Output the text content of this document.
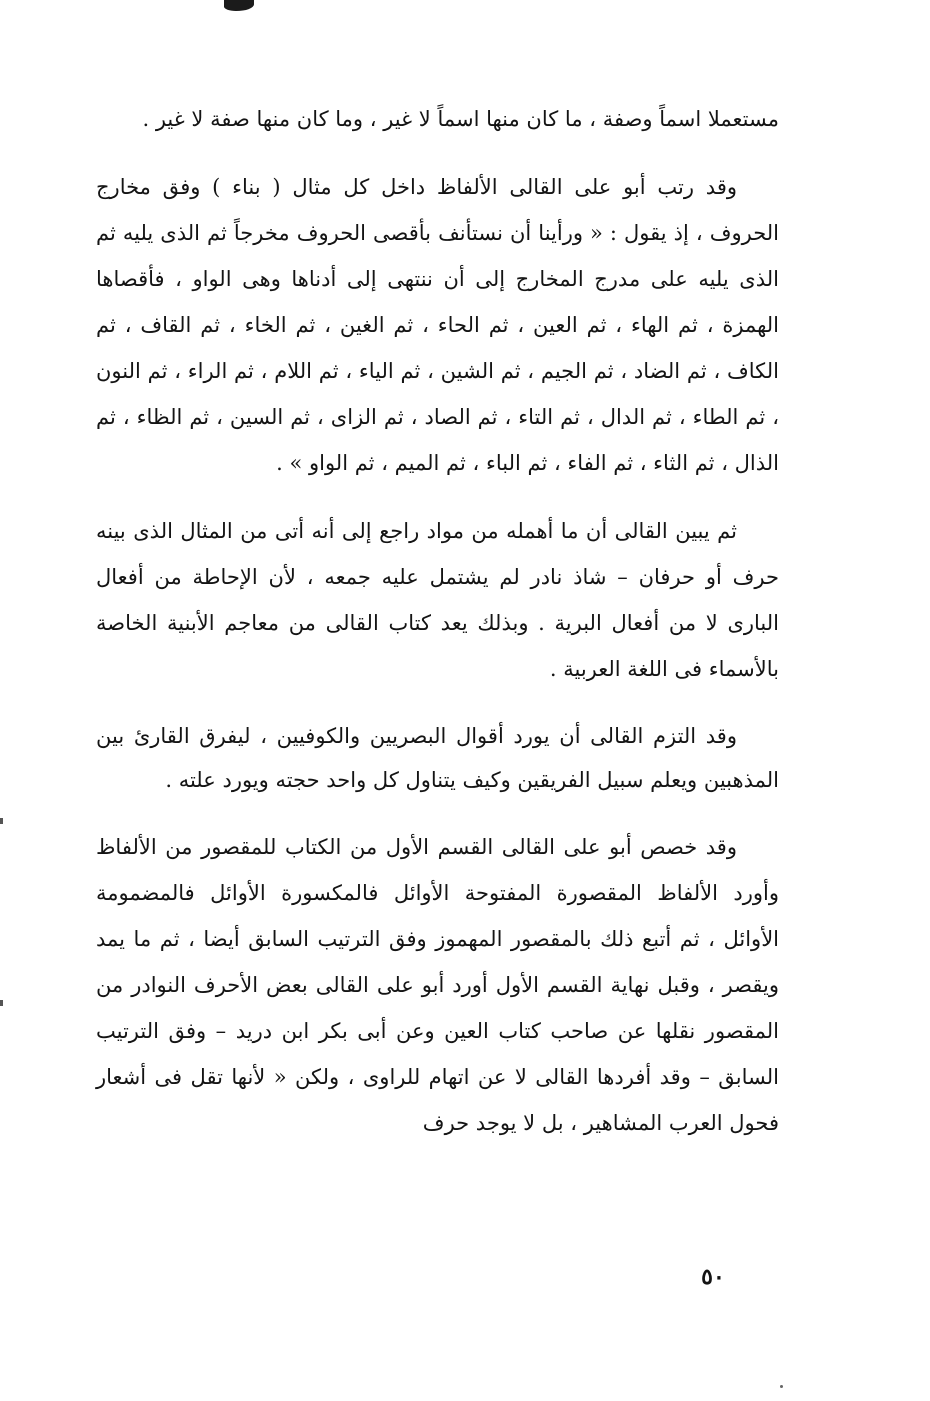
مستعملا اسماً وصفة ، ما كان منها اسماً لا غير ، وما كان منها صفة لا غير .

وقد رتب أبو على القالى الألفاظ داخل كل مثال ( بناء ) وفق مخارج الحروف ، إذ يقول : « ورأينا أن نستأنف بأقصى الحروف مخرجاً ثم الذى يليه ثم الذى يليه على مدرج المخارج إلى أن ننتهى إلى أدناها وهى الواو ، فأقصاها الهمزة ، ثم الهاء ، ثم العين ، ثم الحاء ، ثم الغين ، ثم الخاء ، ثم القاف ، ثم الكاف ، ثم الضاد ، ثم الجيم ، ثم الشين ، ثم الياء ، ثم اللام ، ثم الراء ، ثم النون ، ثم الطاء ، ثم الدال ، ثم التاء ، ثم الصاد ، ثم الزاى ، ثم السين ، ثم الظاء ، ثم الذال ، ثم الثاء ، ثم الفاء ، ثم الباء ، ثم الميم ، ثم الواو » .

ثم يبين القالى أن ما أهمله من مواد راجع إلى أنه أتى من المثال الذى بينه حرف أو حرفان – شاذ نادر لم يشتمل عليه جمعه ، لأن الإحاطة من أفعال البارى لا من أفعال البرية . وبذلك يعد كتاب القالى من معاجم الأبنية الخاصة بالأسماء فى اللغة العربية .

وقد التزم القالى أن يورد أقوال البصريين والكوفيين ، ليفرق القارئ بين المذهبين ويعلم سبيل الفريقين وكيف يتناول كل واحد حجته ويورد علته .

وقد خصص أبو على القالى القسم الأول من الكتاب للمقصور من الألفاظ وأورد الألفاظ المقصورة المفتوحة الأوائل فالمكسورة الأوائل فالمضمومة الأوائل ، ثم أتبع ذلك بالمقصور المهموز وفق الترتيب السابق أيضا ، ثم ما يمد ويقصر ، وقبل نهاية القسم الأول أورد أبو على القالى بعض الأحرف النوادر من المقصور نقلها عن صاحب كتاب العين وعن أبى بكر ابن دريد – وفق الترتيب السابق – وقد أفردها القالى لا عن اتهام للراوى ، ولكن « لأنها تقل فى أشعار فحول العرب المشاهير ، بل لا يوجد حرف

٥٠
